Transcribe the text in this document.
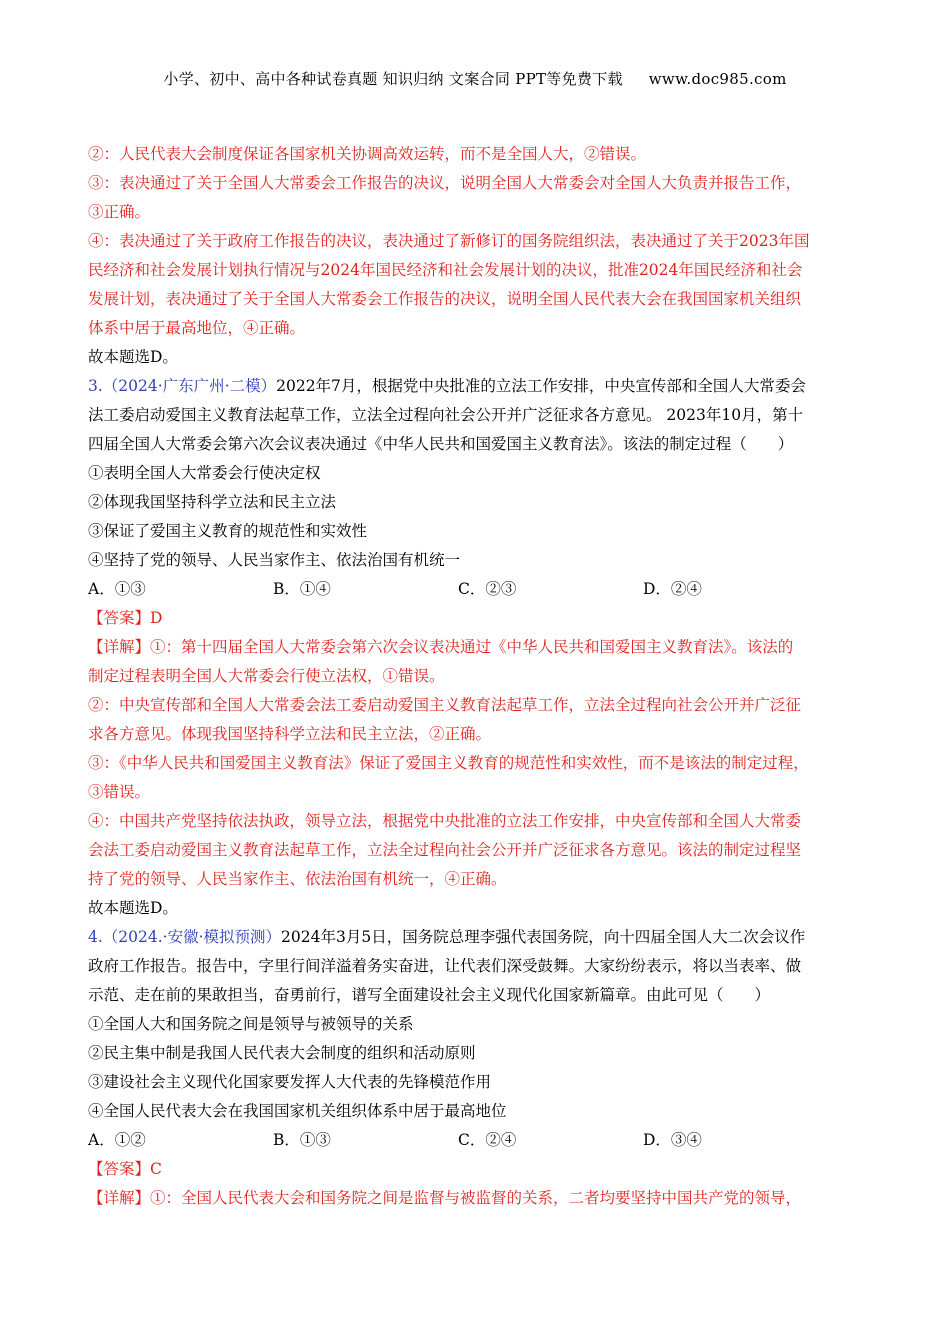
小学、初中、高中各种试卷真题 知识归纳 文案合同 PPT等免费下载 www.doc985.com
②：人民代表大会制度保证各国家机关协调高效运转，而不是全国人大，②错误。
③：表决通过了关于全国人大常委会工作报告的决议，说明全国人大常委会对全国人大负责并报告工作，
③正确。
④：表决通过了关于政府工作报告的决议，表决通过了新修订的国务院组织法，表决通过了关于2023年国
民经济和社会发展计划执行情况与2024年国民经济和社会发展计划的决议，批准2024年国民经济和社会
发展计划，表决通过了关于全国人大常委会工作报告的决议，说明全国人民代表大会在我国国家机关组织
体系中居于最高地位，④正确。
故本题选D。
3.（2024·广东广州·二模）2022年7月，根据党中央批准的立法工作安排，中央宣传部和全国人大常委会
法工委启动爱国主义教育法起草工作，立法全过程向社会公开并广泛征求各方意见。 2023年10月，第十
四届全国人大常委会第六次会议表决通过《中华人民共和国爱国主义教育法》。该法的制定过程（　　）
①表明全国人大常委会行使决定权
②体现我国坚持科学立法和民主立法
③保证了爱国主义教育的规范性和实效性
④坚持了党的领导、人民当家作主、依法治国有机统一
A．①③	B．①④	C．②③	D．②④
【答案】D
【详解】①：第十四届全国人大常委会第六次会议表决通过《中华人民共和国爱国主义教育法》。该法的
制定过程表明全国人大常委会行使立法权，①错误。
②：中央宣传部和全国人大常委会法工委启动爱国主义教育法起草工作，立法全过程向社会公开并广泛征
求各方意见。体现我国坚持科学立法和民主立法，②正确。
③：《中华人民共和国爱国主义教育法》保证了爱国主义教育的规范性和实效性，而不是该法的制定过程，
③错误。
④：中国共产党坚持依法执政，领导立法，根据党中央批准的立法工作安排，中央宣传部和全国人大常委
会法工委启动爱国主义教育法起草工作，立法全过程向社会公开并广泛征求各方意见。该法的制定过程坚
持了党的领导、人民当家作主、依法治国有机统一，④正确。
故本题选D。
4.（2024.·安徽·模拟预测）2024年3月5日，国务院总理李强代表国务院，向十四届全国人大二次会议作
政府工作报告。报告中，字里行间洋溢着务实奋进，让代表们深受鼓舞。大家纷纷表示，将以当表率、做
示范、走在前的果敢担当，奋勇前行，谱写全面建设社会主义现代化国家新篇章。由此可见（　　）
①全国人大和国务院之间是领导与被领导的关系
②民主集中制是我国人民代表大会制度的组织和活动原则
③建设社会主义现代化国家要发挥人大代表的先锋模范作用
④全国人民代表大会在我国国家机关组织体系中居于最高地位
A．①②	B．①③	C．②④	D．③④
【答案】C
【详解】①：全国人民代表大会和国务院之间是监督与被监督的关系，二者均要坚持中国共产党的领导，
